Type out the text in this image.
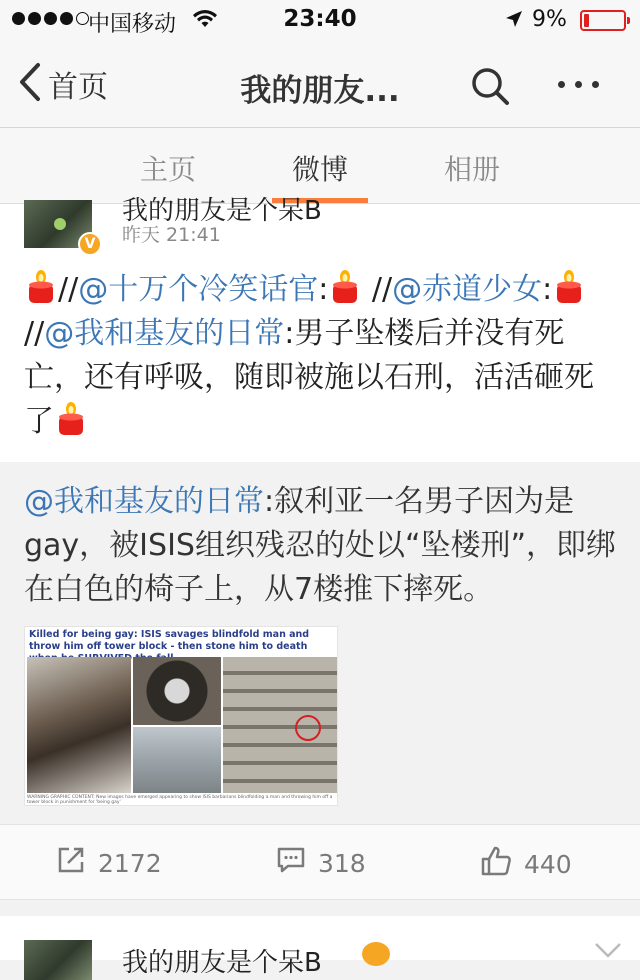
中国移动	23:40	9%
首页	我的朋友...
主页	微博	相册
V
我的朋友是个呆B
昨天 21:41
//@十万个冷笑话官: //@赤道少女: //@我和基友的日常:男子坠楼后并没有死亡，还有呼吸，随即被施以石刑，活活砸死了
@我和基友的日常:叙利亚一名男子因为是gay，被ISIS组织残忍的处以“坠楼刑”，即绑在白色的椅子上，从7楼推下摔死。
Killed for being gay: ISIS savages blindfold man and throw him off tower block - then stone him to death
WARNING GRAPHIC CONTENT: New images have emerged appearing to show ISIS barbarians blindfolding a man and throwing him off a tower block in punishment for 'being gay'
2172	318	440
我的朋友是个呆B
